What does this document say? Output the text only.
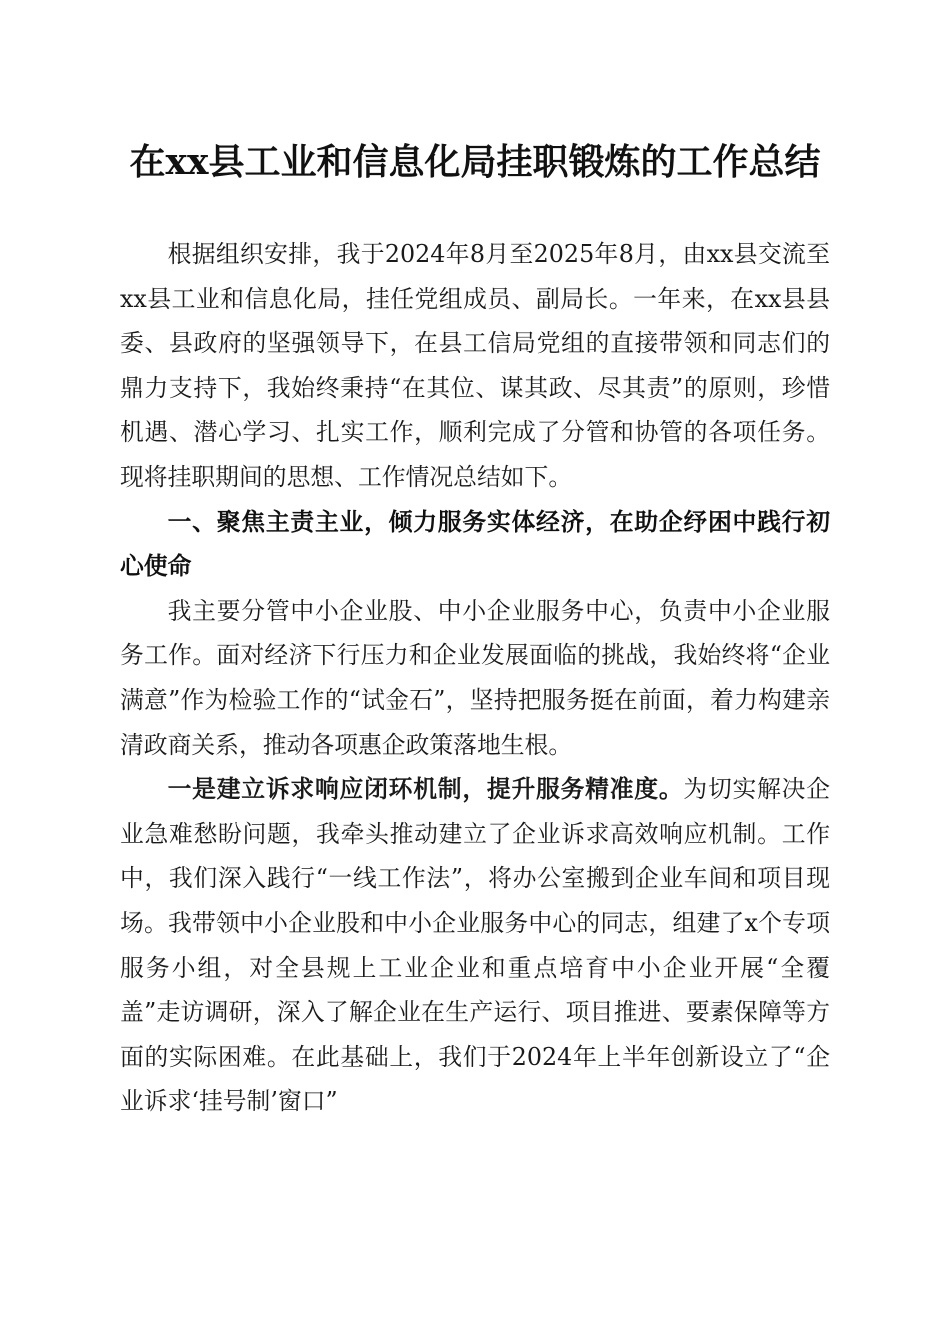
在xx县工业和信息化局挂职锻炼的工作总结

根据组织安排，我于2024年8月至2025年8月，由xx县交流至xx县工业和信息化局，挂任党组成员、副局长。一年来，在xx县县委、县政府的坚强领导下，在县工信局党组的直接带领和同志们的鼎力支持下，我始终秉持“在其位、谋其政、尽其责”的原则，珍惜机遇、潜心学习、扎实工作，顺利完成了分管和协管的各项任务。现将挂职期间的思想、工作情况总结如下。

一、聚焦主责主业，倾力服务实体经济，在助企纾困中践行初心使命

我主要分管中小企业股、中小企业服务中心，负责中小企业服务工作。面对经济下行压力和企业发展面临的挑战，我始终将“企业满意”作为检验工作的“试金石”，坚持把服务挺在前面，着力构建亲清政商关系，推动各项惠企政策落地生根。

一是建立诉求响应闭环机制，提升服务精准度。为切实解决企业急难愁盼问题，我牵头推动建立了企业诉求高效响应机制。工作中，我们深入践行“一线工作法”，将办公室搬到企业车间和项目现场。我带领中小企业股和中小企业服务中心的同志，组建了x个专项服务小组，对全县规上工业企业和重点培育中小企业开展“全覆盖”走访调研，深入了解企业在生产运行、项目推进、要素保障等方面的实际困难。在此基础上，我们于2024年上半年创新设立了“企业诉求‘挂号制’窗口”
